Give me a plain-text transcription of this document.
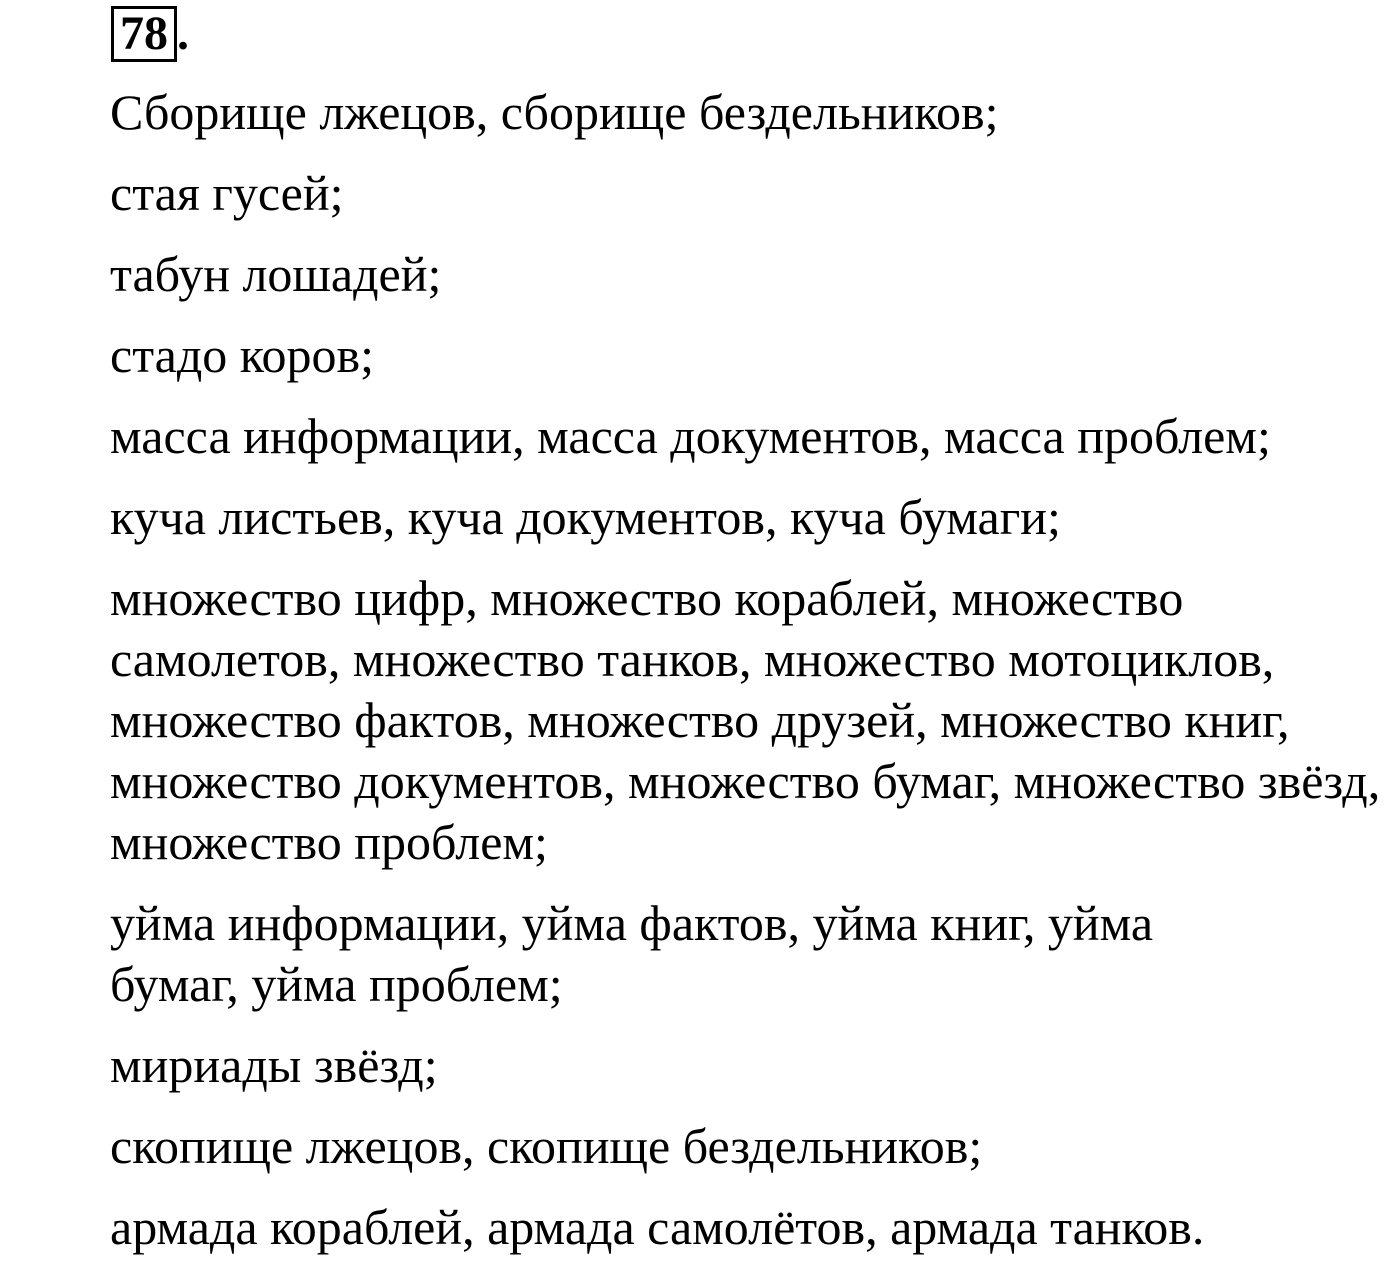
78 .

Сборище лжецов, сборище бездельников;

стая гусей;

табун лошадей;

стадо коров;

масса информации, масса документов, масса проблем;

куча листьев, куча документов, куча бумаги;

множество цифр, множество кораблей, множество
самолетов, множество танков, множество мотоциклов,
множество фактов, множество друзей, множество книг,
множество документов, множество бумаг, множество звёзд,
множество проблем;

уйма информации, уйма фактов, уйма книг, уйма
бумаг, уйма проблем;

мириады звёзд;

скопище лжецов, скопище бездельников;

армада кораблей, армада самолётов, армада танков.
